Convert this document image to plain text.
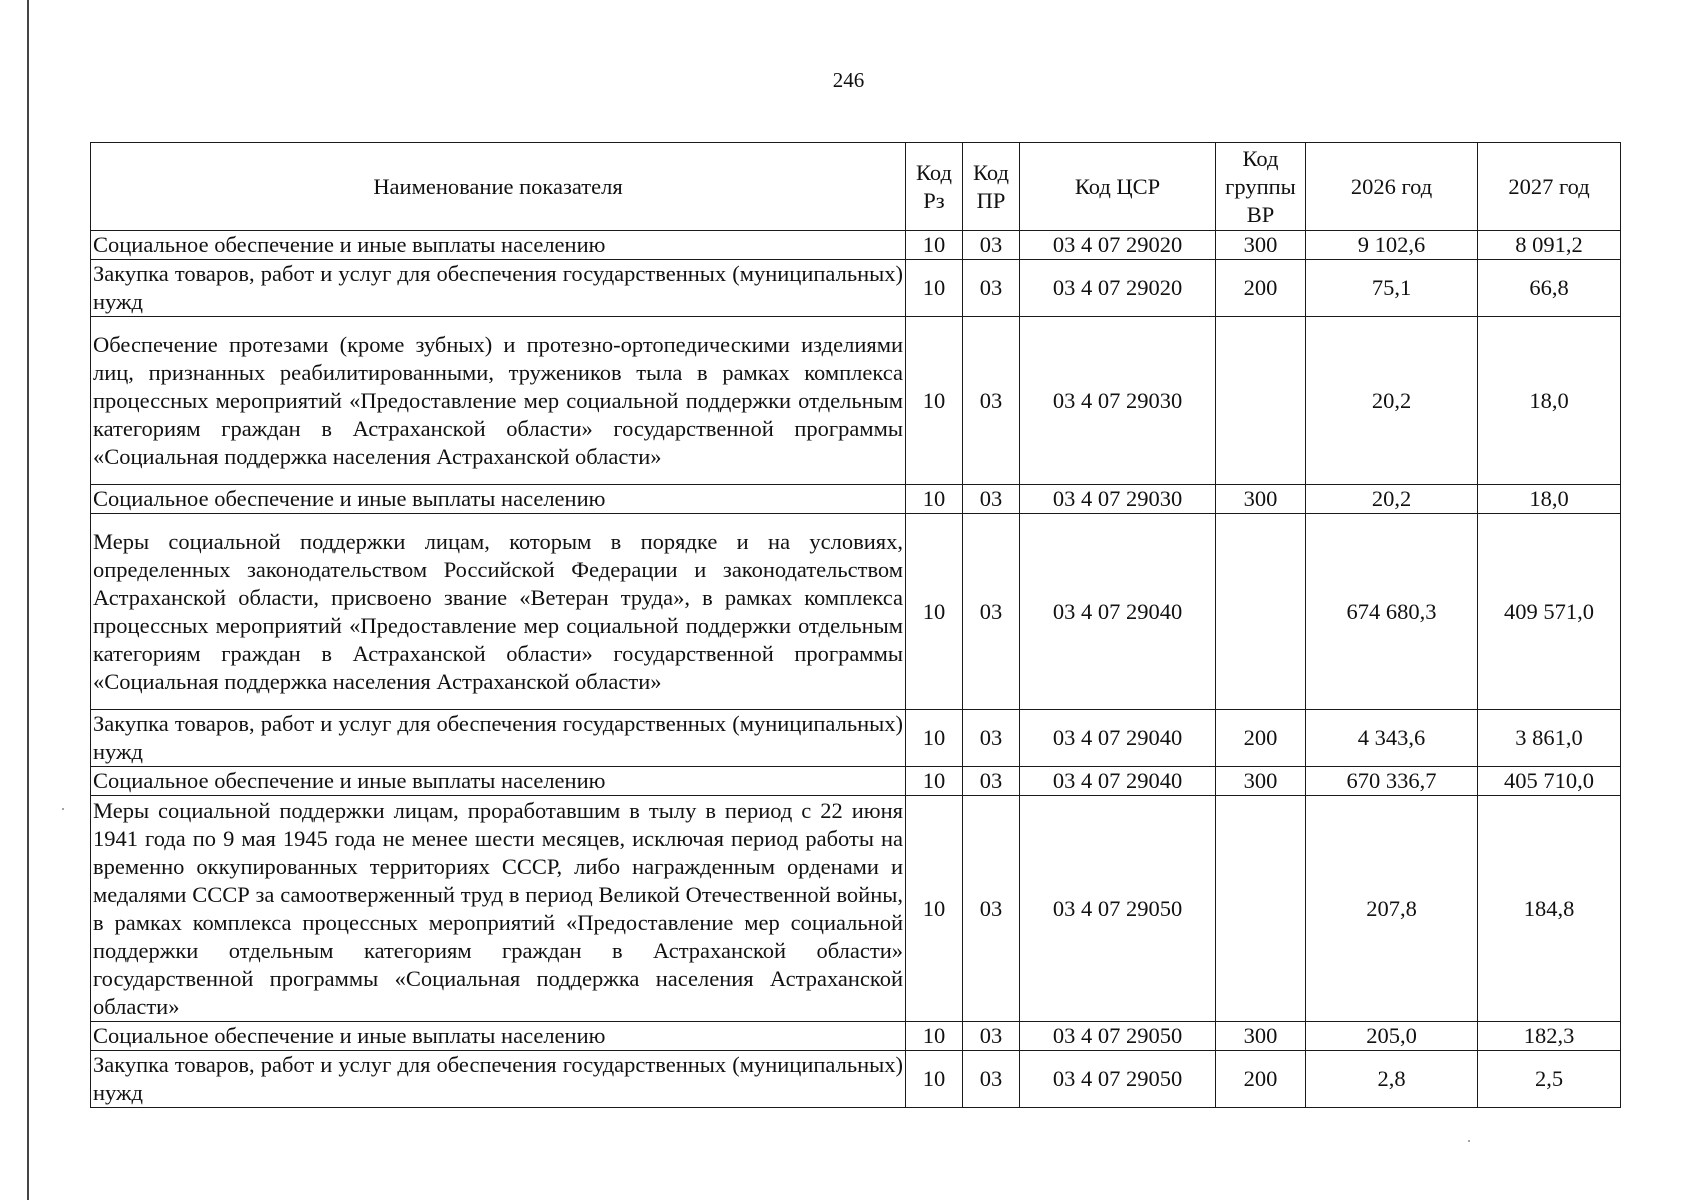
246
Наименование показателя	Код Рз	Код ПР	Код ЦСР	Код группы ВР	2026 год	2027 год
Социальное обеспечение и иные выплаты населению	10	03	03 4 07 29020	300	9 102,6	8 091,2
Закупка товаров, работ и услуг для обеспечения государственных (муниципальных) нужд	10	03	03 4 07 29020	200	75,1	66,8
Обеспечение протезами (кроме зубных) и протезно-ортопедическими изделиями лиц, признанных реабилитированными, тружеников тыла в рамках комплекса процессных мероприятий «Предоставление мер социальной поддержки отдельным категориям граждан в Астраханской области» государственной программы «Социальная поддержка населения Астраханской области»	10	03	03 4 07 29030		20,2	18,0
Социальное обеспечение и иные выплаты населению	10	03	03 4 07 29030	300	20,2	18,0
Меры социальной поддержки лицам, которым в порядке и на условиях, определенных законодательством Российской Федерации и законодательством Астраханской области, присвоено звание «Ветеран труда», в рамках комплекса процессных мероприятий «Предоставление мер социальной поддержки отдельным категориям граждан в Астраханской области» государственной программы «Социальная поддержка населения Астраханской области»	10	03	03 4 07 29040		674 680,3	409 571,0
Закупка товаров, работ и услуг для обеспечения государственных (муниципальных) нужд	10	03	03 4 07 29040	200	4 343,6	3 861,0
Социальное обеспечение и иные выплаты населению	10	03	03 4 07 29040	300	670 336,7	405 710,0
Меры социальной поддержки лицам, проработавшим в тылу в период с 22 июня 1941 года по 9 мая 1945 года не менее шести месяцев, исключая период работы на временно оккупированных территориях СССР, либо награжденным орденами и медалями СССР за самоотверженный труд в период Великой Отечественной войны, в рамках комплекса процессных мероприятий «Предоставление мер социальной поддержки отдельным категориям граждан в Астраханской области» государственной программы «Социальная поддержка населения Астраханской области»	10	03	03 4 07 29050		207,8	184,8
Социальное обеспечение и иные выплаты населению	10	03	03 4 07 29050	300	205,0	182,3
Закупка товаров, работ и услуг для обеспечения государственных (муниципальных) нужд	10	03	03 4 07 29050	200	2,8	2,5
